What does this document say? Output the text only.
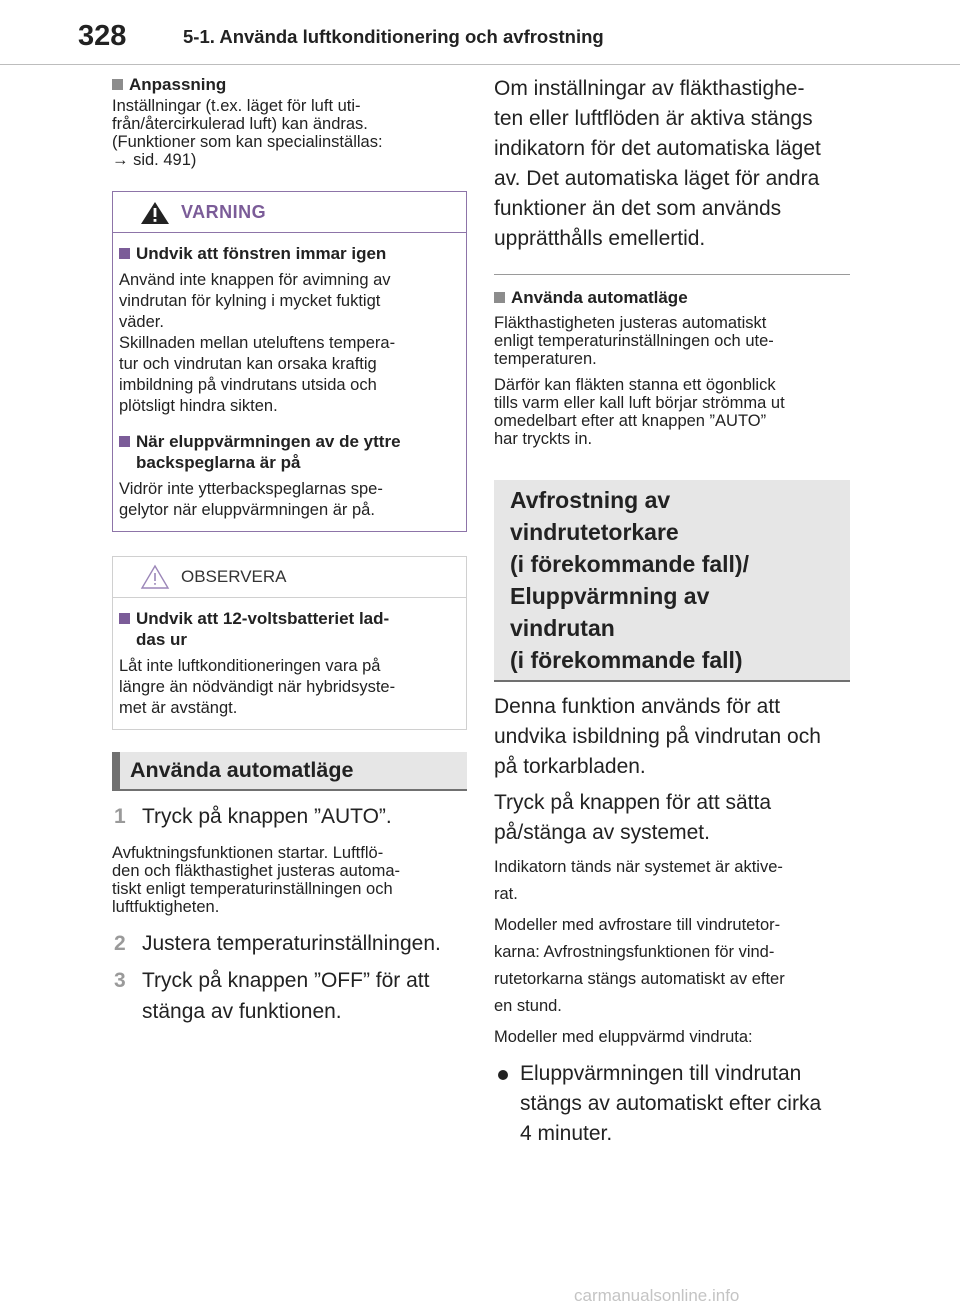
328	5-1. Använda luftkonditionering och avfrostning
Anpassning
Inställningar (t.ex. läget för luft uti-
från/återcirkulerad luft) kan ändras.
(Funktioner som kan specialinställas:
→ sid. 491)
VARNING
Undvik att fönstren immar igen
Använd inte knappen för avimning av
vindrutan för kylning i mycket fuktigt
väder.
Skillnaden mellan uteluftens tempera-
tur och vindrutan kan orsaka kraftig
imbildning på vindrutans utsida och
plötsligt hindra sikten.
När eluppvärmningen av de yttre
backspeglarna är på
Vidrör inte ytterbackspeglarnas spe-
gelytor när eluppvärmningen är på.
OBSERVERA
Undvik att 12-voltsbatteriet lad-
das ur
Låt inte luftkonditioneringen vara på
längre än nödvändigt när hybridsyste-
met är avstängt.
Använda automatläge
1 Tryck på knappen ”AUTO”.
Avfuktningsfunktionen startar. Luftflö-
den och fläkthastighet justeras automa-
tiskt enligt temperaturinställningen och
luftfuktigheten.
2 Justera temperaturinställningen.
3 Tryck på knappen ”OFF” för att
stänga av funktionen.
Om inställningar av fläkthastighe-
ten eller luftflöden är aktiva stängs
indikatorn för det automatiska läget
av. Det automatiska läget för andra
funktioner än det som används
upprätthålls emellertid.
Använda automatläge
Fläkthastigheten justeras automatiskt
enligt temperaturinställningen och ute-
temperaturen.
Därför kan fläkten stanna ett ögonblick
tills varm eller kall luft börjar strömma ut
omedelbart efter att knappen ”AUTO”
har tryckts in.
Avfrostning av
vindrutetorkare
(i förekommande fall)/
Eluppvärmning av
vindrutan
(i förekommande fall)
Denna funktion används för att
undvika isbildning på vindrutan och
på torkarbladen.
Tryck på knappen för att sätta
på/stänga av systemet.
Indikatorn tänds när systemet är aktive-
rat.
Modeller med avfrostare till vindrutetor-
karna: Avfrostningsfunktionen för vind-
rutetorkarna stängs automatiskt av efter
en stund.
Modeller med eluppvärmd vindruta:
Eluppvärmningen till vindrutan
stängs av automatiskt efter cirka
4 minuter.
carmanualsonline.info
